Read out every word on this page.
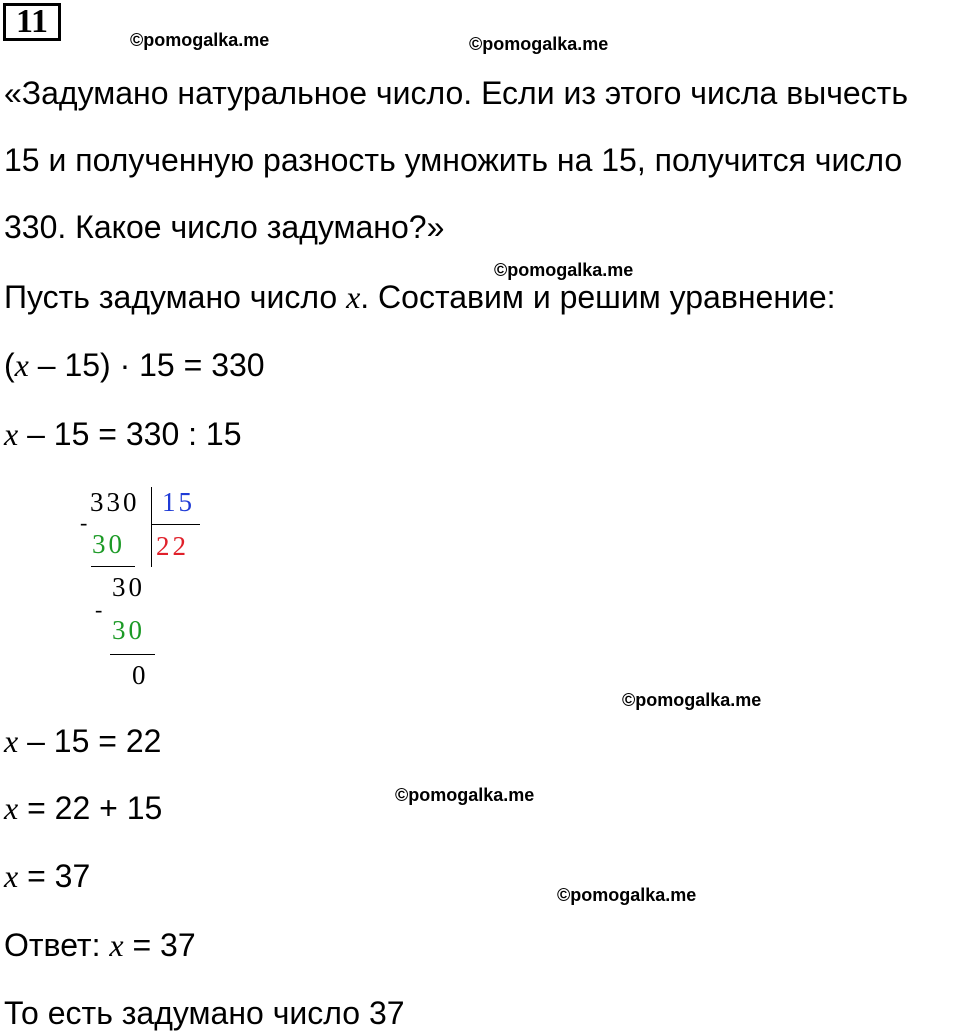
11	©pomogalka.me	©pomogalka.me
©pomogalka.me
©pomogalka.me
©pomogalka.me
©pomogalka.me
«Задумано натуральное число. Если из этого числа вычесть
15 и полученную разность умножить на 15, получится число
330. Какое число задумано?»
Пусть задумано число x. Составим и решим уравнение:
(x – 15) · 15 = 330
x – 15 = 330 : 15
330 15
-
30 22
30
-
30
0
x – 15 = 22
x = 22 + 15
x = 37
Ответ: x = 37
То есть задумано число 37
